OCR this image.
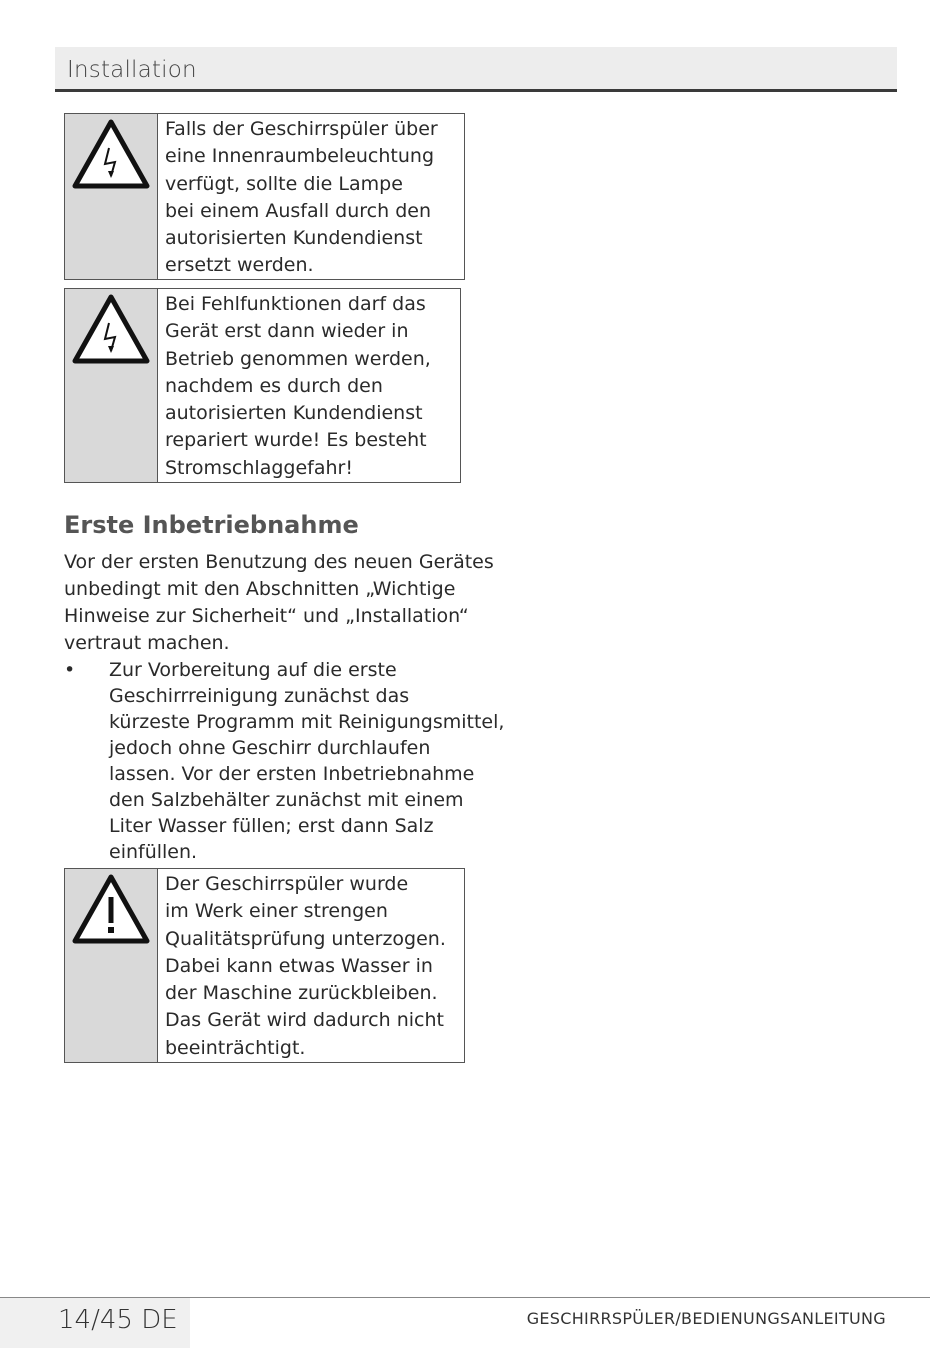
Installation
Falls der Geschirrspüler über
eine Innenraumbeleuchtung
verfügt, sollte die Lampe
bei einem Ausfall durch den
autorisierten Kundendienst
ersetzt werden.
Bei Fehlfunktionen darf das
Gerät erst dann wieder in
Betrieb genommen werden,
nachdem es durch den
autorisierten Kundendienst
repariert wurde! Es besteht
Stromschlaggefahr!
Erste Inbetriebnahme
Vor der ersten Benutzung des neuen Gerätes
unbedingt mit den Abschnitten „Wichtige
Hinweise zur Sicherheit“ und „Installation“
vertraut machen.
• Zur Vorbereitung auf die erste
Geschirrreinigung zunächst das
kürzeste Programm mit Reinigungsmittel,
jedoch ohne Geschirr durchlaufen
lassen. Vor der ersten Inbetriebnahme
den Salzbehälter zunächst mit einem
Liter Wasser füllen; erst dann Salz
einfüllen.
Der Geschirrspüler wurde
im Werk einer strengen
Qualitätsprüfung unterzogen.
Dabei kann etwas Wasser in
der Maschine zurückbleiben.
Das Gerät wird dadurch nicht
beeinträchtigt.
14/45 DE	GESCHIRRSPÜLER/BEDIENUNGSANLEITUNG
